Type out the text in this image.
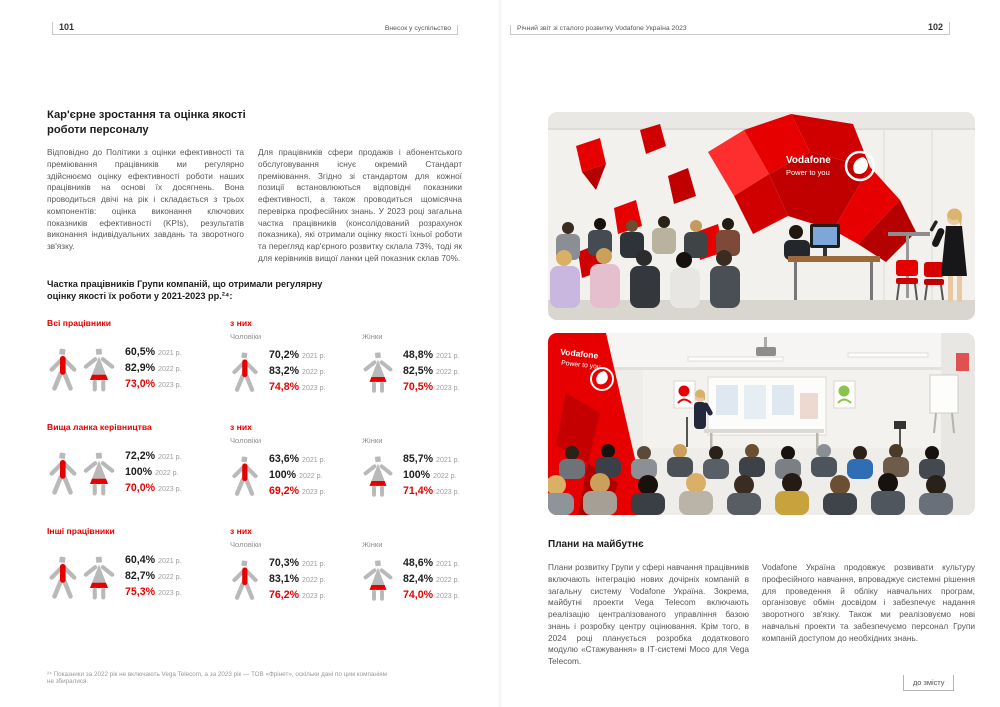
101	Внесок у суспільство
Кар'єрне зростання та оцінка якості роботи персоналу

Відповідно до Політики з оцінки ефективності та преміювання працівників ми регулярно здійснюємо оцінку ефективності роботи наших працівників на основі їх досягнень. Вона проводиться двічі на рік і складається з трьох компонентів: оцінка виконання ключових показників ефективності (KPIs), результатів виконання індивідуальних завдань та зворотного зв'язку.

Для працівників сфери продажів і абонентського обслуговування існує окремий Стандарт преміювання. Згідно зі стандартом для кожної позиції встановлюються відповідні показники ефективності, а також проводиться щомісячна перевірка професійних знань. У 2023 році загальна частка працівників (консолідований розрахунок показника), які отримали оцінку якості їхньої роботи та перегляд кар'єрного розвитку склала 73%, тоді як для керівників вищої ланки цей показник склав 70%.

Частка працівників Групи компаній, що отримали регулярну оцінку якості їх роботи у 2021-2023 рр.²⁴:
Всі працівники
60,5% 2021 р.
82,9% 2022 р.
73,0% 2023 р.
з них
Чоловіки
70,2% 2021 р.
83,2% 2022 р.
74,8% 2023 р.
Жінки
48,8% 2021 р.
82,5% 2022 р.
70,5% 2023 р.
Вища ланка керівництва
72,2% 2021 р.
100% 2022 р.
70,0% 2023 р.
з них
Чоловіки
63,6% 2021 р.
100% 2022 р.
69,2% 2023 р.
Жінки
85,7% 2021 р.
100% 2022 р.
71,4% 2023 р.
Інші працівники
60,4% 2021 р.
82,7% 2022 р.
75,3% 2023 р.
з них
Чоловіки
70,3% 2021 р.
83,1% 2022 р.
76,2% 2023 р.
Жінки
48,6% 2021 р.
82,4% 2022 р.
74,0% 2023 р.
²⁴ Показники за 2022 рік не включають Vega Telecom, а за 2023 рік — ТОВ «Фрінет», оскільки дані по цим компаніям не збиралися.
Річний звіт зі сталого розвитку Vodafone Україна 2023	102
Vodafone
Power to you
Vodafone
Power to you
Плани на майбутнє

Плани розвитку Групи у сфері навчання працівників включають інтеграцію нових дочірніх компаній в загальну систему Vodafone Україна. Зокрема, майбутні проекти Vega Telecom включають реалізацію централізованого управління базою знань і розробку центру оцінювання. Крім того, в 2024 році планується розробка додаткового модулю «Стажування» в ІТ-системі Moco для Vega Telecom.

Vodafone Україна продовжує розвивати культуру професійного навчання, впроваджує системні рішення для проведення й обліку навчальних програм, організовує обмін досвідом і забезпечує надання зворотного зв'язку. Також ми реалізовуємо нові навчальні проекти та забезпечуємо персонал Групи компаній доступом до необхідних знань.

до змісту
